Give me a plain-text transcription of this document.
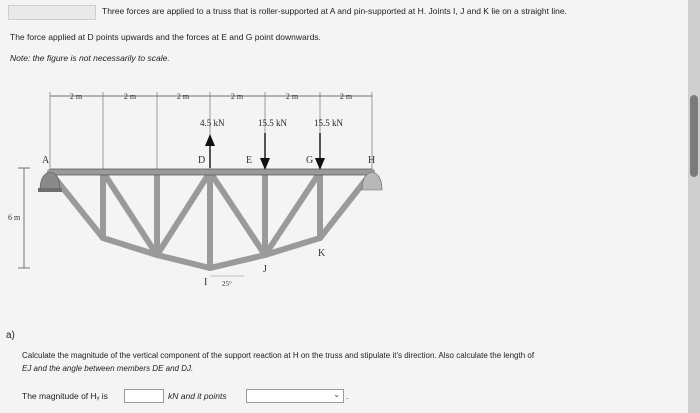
Three forces are applied to a truss that is roller-supported at A and pin-supported at H. Joints I, J and K lie on a straight line.
The force applied at D points upwards and the forces at E and G point downwards.
Note: the figure is not necessarily to scale.
2 m	2 m	2 m	2 m	2 m	2 m
6 m
4.5 kN	15.5 kN	15.5 kN
A	D	E	G	H
K
J
I 25°
a)
Calculate the magnitude of the vertical component of the support reaction at H on the truss and stipulate it's direction. Also calculate the length of
EJ and the angle between members DE and DJ.
The magnitude of Hᵧ is	kN and it points	⌄ .
